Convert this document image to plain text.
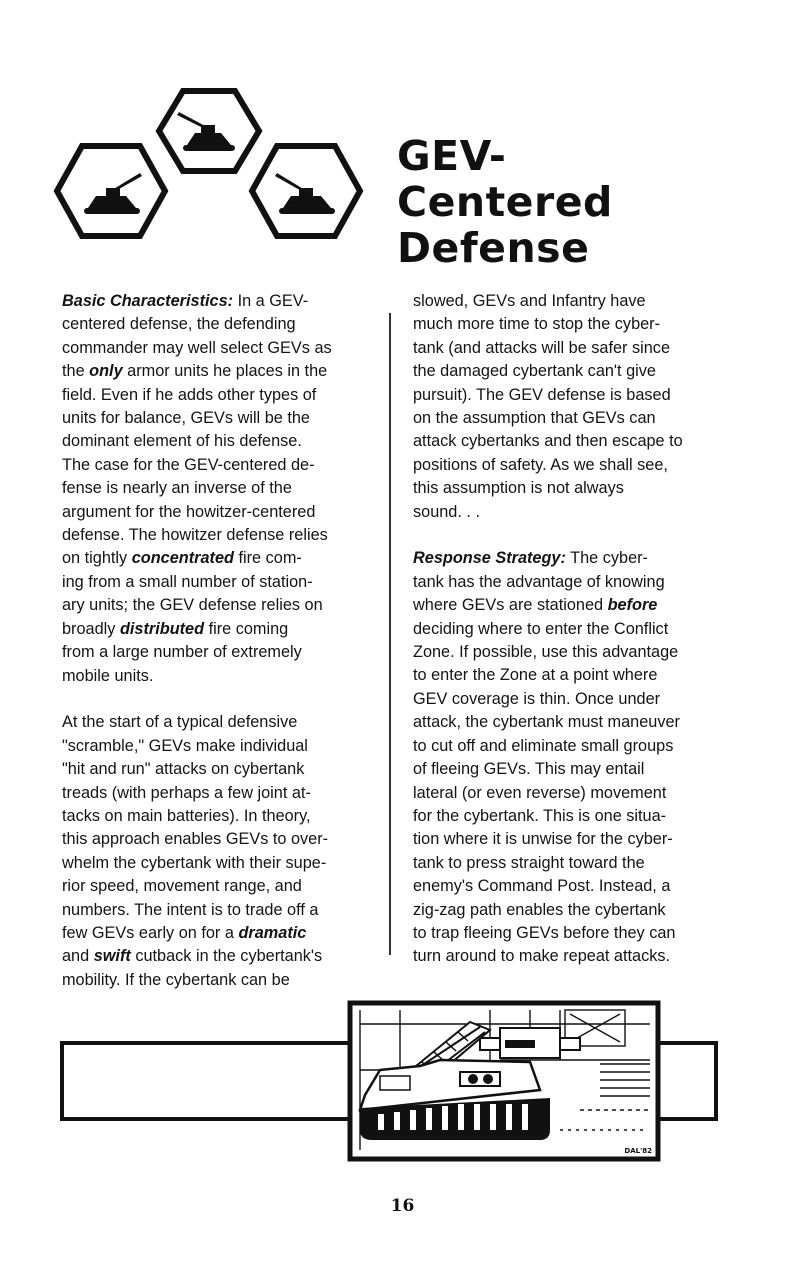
GEV-
Centered
Defense

Basic Characteristics: In a GEV-
centered defense, the defending
commander may well select GEVs as
the only armor units he places in the
field. Even if he adds other types of
units for balance, GEVs will be the
dominant element of his defense.
The case for the GEV-centered de-
fense is nearly an inverse of the
argument for the howitzer-centered
defense. The howitzer defense relies
on tightly concentrated fire com-
ing from a small number of station-
ary units; the GEV defense relies on
broadly distributed fire coming
from a large number of extremely
mobile units.

At the start of a typical defensive
"scramble," GEVs make individual
"hit and run" attacks on cybertank
treads (with perhaps a few joint at-
tacks on main batteries). In theory,
this approach enables GEVs to over-
whelm the cybertank with their supe-
rior speed, movement range, and
numbers. The intent is to trade off a
few GEVs early on for a dramatic
and swift cutback in the cybertank's
mobility. If the cybertank can be

slowed, GEVs and Infantry have
much more time to stop the cyber-
tank (and attacks will be safer since
the damaged cybertank can't give
pursuit). The GEV defense is based
on the assumption that GEVs can
attack cybertanks and then escape to
positions of safety. As we shall see,
this assumption is not always
sound. . .

Response Strategy: The cyber-
tank has the advantage of knowing
where GEVs are stationed before
deciding where to enter the Conflict
Zone. If possible, use this advantage
to enter the Zone at a point where
GEV coverage is thin. Once under
attack, the cybertank must maneuver
to cut off and eliminate small groups
of fleeing GEVs. This may entail
lateral (or even reverse) movement
for the cybertank. This is one situa-
tion where it is unwise for the cyber-
tank to press straight toward the
enemy's Command Post. Instead, a
zig-zag path enables the cybertank
to trap fleeing GEVs before they can
turn around to make repeat attacks.

DAL'82
16
